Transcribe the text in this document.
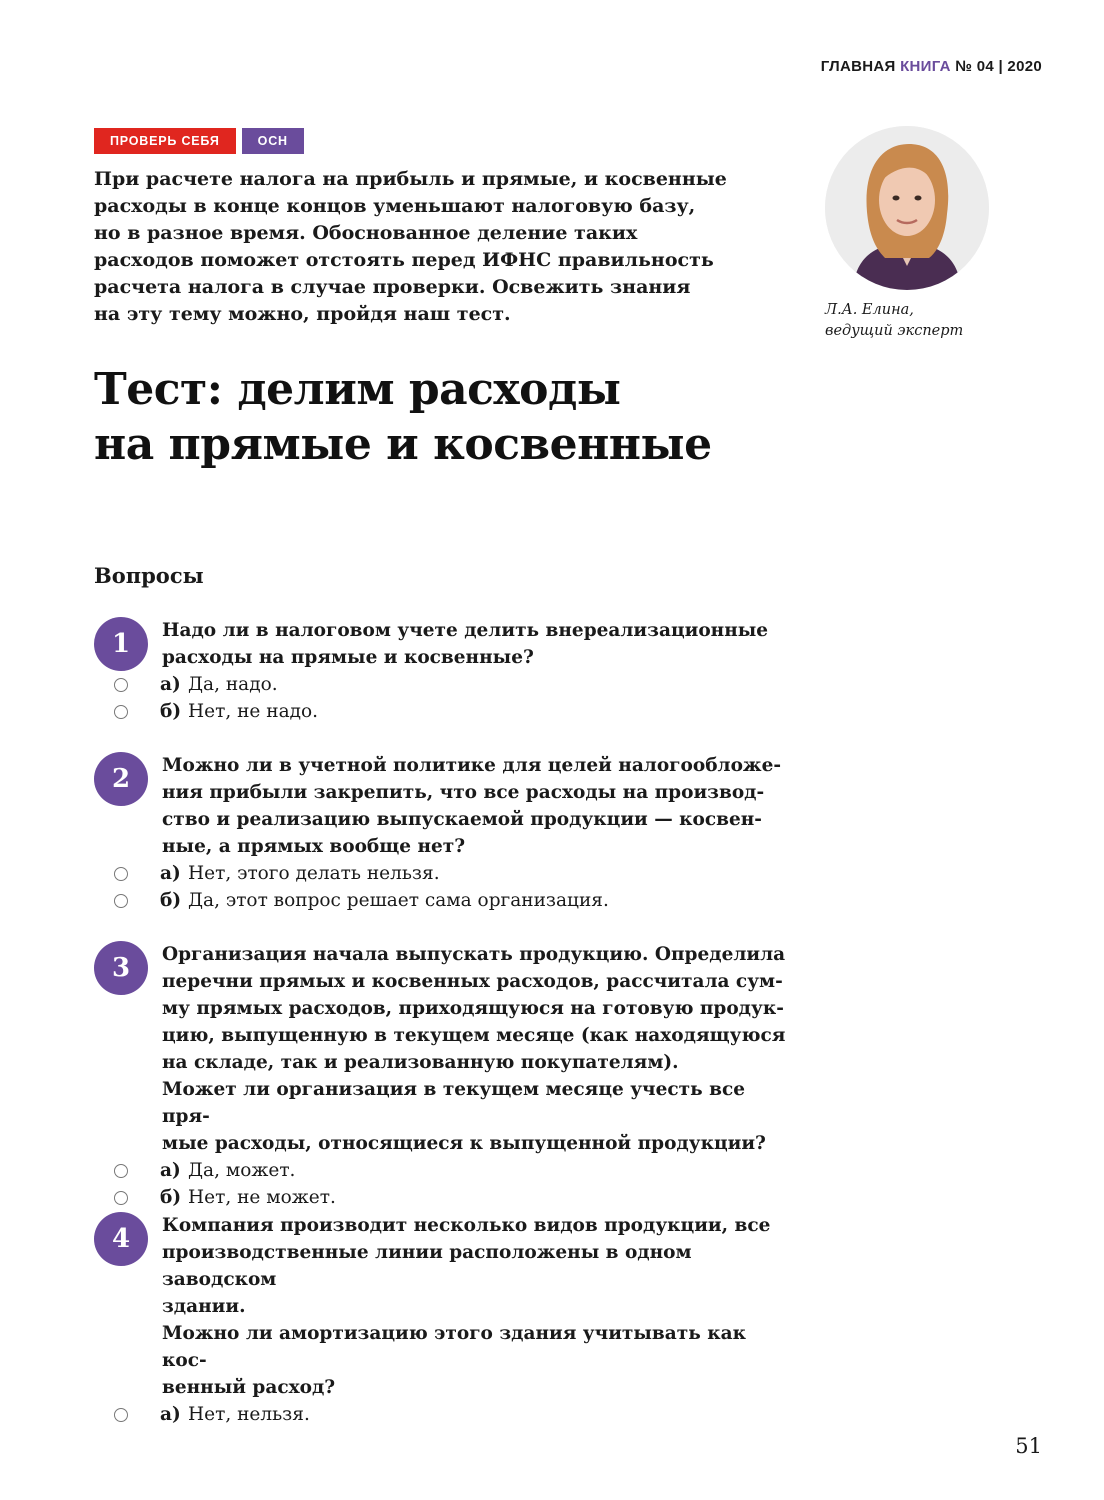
ГЛАВНАЯ КНИГА № 04 | 2020
ПРОВЕРЬ СЕБЯ	ОСН
При расчете налога на прибыль и прямые, и косвенные
расходы в конце концов уменьшают налоговую базу,
но в разное время. Обоснованное деление таких
расходов поможет отстоять перед ИФНС правильность
расчета налога в случае проверки. Освежить знания
на эту тему можно, пройдя наш тест.	Л.А. Елина,
ведущий эксперт
Тест: делим расходы
на прямые и косвенные
Вопросы
1	Надо ли в налоговом учете делить внереализационные
расходы на прямые и косвенные?
а) Да, надо.
б) Нет, не надо.
2	Можно ли в учетной политике для целей налогообложе-
ния прибыли закрепить, что все расходы на производ-
ство и реализацию выпускаемой продукции — косвен-
ные, а прямых вообще нет?
а) Нет, этого делать нельзя.
б) Да, этот вопрос решает сама организация.
3	Организация начала выпускать продукцию. Определила
перечни прямых и косвенных расходов, рассчитала сум-
му прямых расходов, приходящуюся на готовую продук-
цию, выпущенную в текущем месяце (как находящуюся
на складе, так и реализованную покупателям).
Может ли организация в текущем месяце учесть все пря-
мые расходы, относящиеся к выпущенной продукции?
а) Да, может.
б) Нет, не может.
4	Компания производит несколько видов продукции, все
производственные линии расположены в одном заводском
здании.
Можно ли амортизацию этого здания учитывать как кос-
венный расход?
а) Нет, нельзя.
51
